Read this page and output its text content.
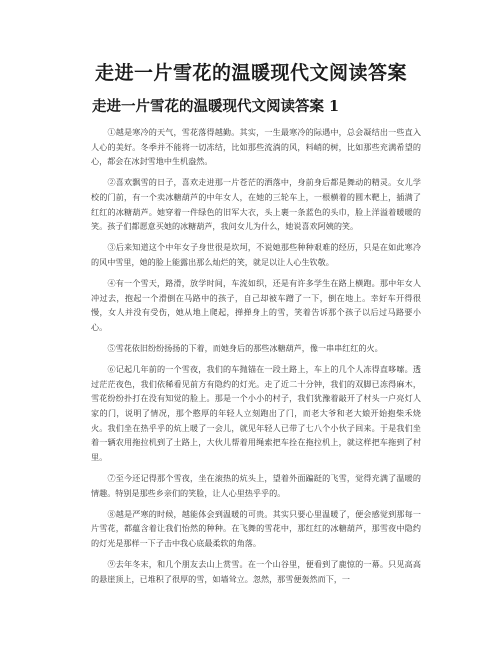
走进一片雪花的温暖现代文阅读答案
走进一片雪花的温暖现代文阅读答案 1

①越是寒冷的天气，雪花落得越勤。其实，一生最寒冷的际遇中，总会凝结出一些直入人心的美好。冬季并不能将一切冻结，比如那些流淌的风，料峭的树，比如那些充满希望的心，都会在冰封雪地中生机盎然。

②喜欢飘雪的日子，喜欢走进那一片苍茫的洒落中，身前身后都是舞动的精灵。女儿学校的门前，有一个卖冰糖葫芦的中年女人，在她的三轮车上，一根横着的圆木靶上，插满了红红的冰糖葫芦。她穿着一件绿色的旧军大衣，头上裹一条蓝色的头巾，脸上洋溢着暖暖的笑。孩子们都愿意买她的冰糖葫芦，我问女儿为什么，她说喜欢阿姨的笑。

③后来知道这个中年女子身世很是坎坷，不说她那些种种艰难的经历，只是在如此寒冷的风中雪里，她的脸上能露出那么灿烂的笑，就足以让人心生钦敬。

④有一个雪天，路滑，放学时间，车流如织，还是有许多学生在路上横跑。那中年女人冲过去，抱起一个滑倒在马路中的孩子，自己却被车蹭了一下，倒在地上。幸好车开得很慢，女人并没有受伤，她从地上爬起，掸掸身上的雪，笑着告诉那个孩子以后过马路要小心。

⑤雪花依旧纷纷扬扬的下着，而她身后的那些冰糖葫芦，像一串串红红的火。

⑥记起几年前的一个雪夜，我们的车抛锚在一段土路上，车上的几个人冻得直哆嗦。透过茫茫夜色，我们依稀看见前方有隐约的灯光。走了近二十分钟，我们的双脚已冻得麻木，雪花纷纷扑打在没有知觉的脸上。那是一个小小的村子，我们犹豫着敲开了村头一户亮灯人家的门，说明了情况，那个憨厚的年轻人立刻跑出了门，而老大爷和老大娘开始抱柴禾烧火。我们坐在热乎乎的炕上暖了一会儿，就见年轻人已带了七八个小伙子回来。于是我们坐着一辆农用拖拉机到了土路上，大伙儿帮着用绳索把车拴在拖拉机上，就这样把车拖到了村里。

⑦至今还记得那个雪夜，坐在滚热的炕头上，望着外面蹁跹的飞雪，觉得充满了温暖的情趣。特别是那些乡亲们的笑脸，让人心里热乎乎的。

⑧越是严寒的时候，越能体会到温暖的可贵。其实只要心里温暖了，便会感觉到那每一片雪花，都蕴含着让我们怡然的种种。在飞舞的雪花中，那红红的冰糖葫芦，那雪夜中隐约的灯光是那样一下子击中我心底最柔软的角落。

⑨去年冬末，和几个朋友去山上赏雪。在一个山谷里，便看到了鹿惊的一幕。只见高高的悬崖顶上，已堆积了很厚的雪，如墙耸立。忽然，那雪便轰然而下，一
